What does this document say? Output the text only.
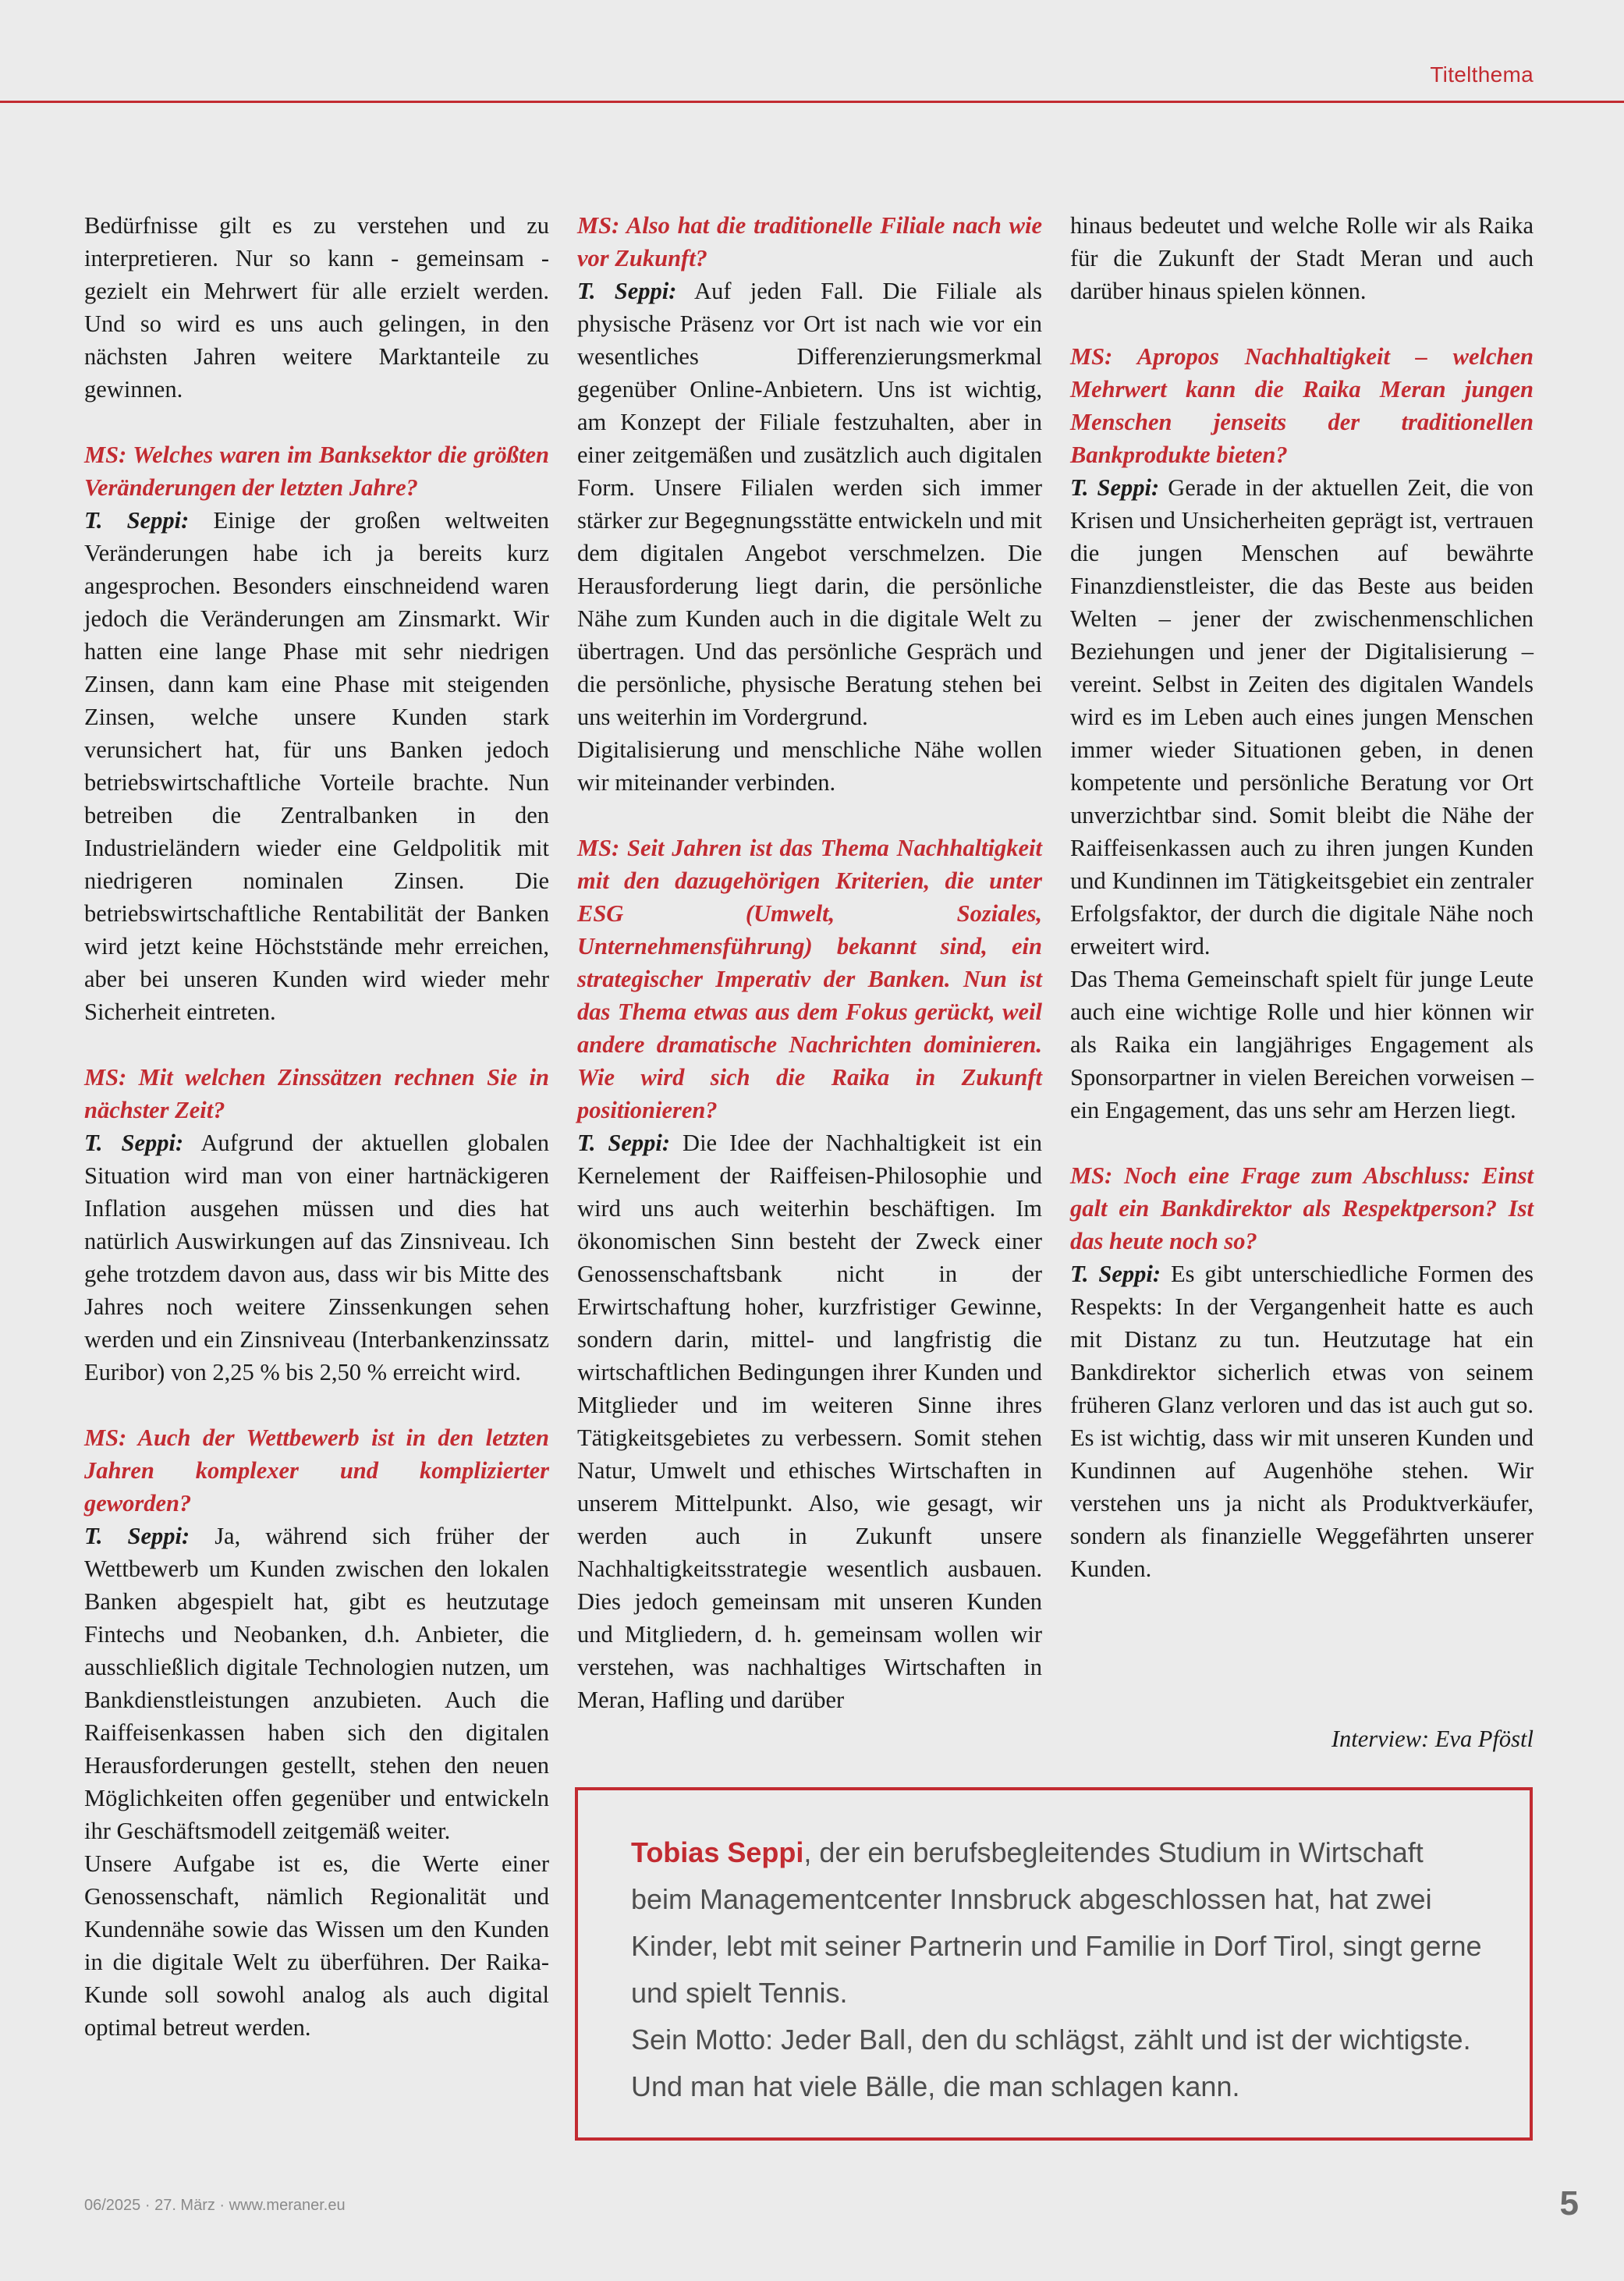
Titelthema

Bedürfnisse gilt es zu verstehen und zu interpretieren. Nur so kann - gemeinsam - gezielt ein Mehrwert für alle erzielt werden. Und so wird es uns auch gelingen, in den nächsten Jahren weitere Marktanteile zu gewinnen.

MS: Welches waren im Banksektor die größten Veränderungen der letzten Jahre?

T. Seppi: Einige der großen weltweiten Veränderungen habe ich ja bereits kurz angesprochen. Besonders einschneidend waren jedoch die Veränderungen am Zinsmarkt. Wir hatten eine lange Phase mit sehr niedrigen Zinsen, dann kam eine Phase mit steigenden Zinsen, welche unsere Kunden stark verunsichert hat, für uns Banken jedoch betriebswirtschaftliche Vorteile brachte. Nun betreiben die Zentralbanken in den Industrieländern wieder eine Geldpolitik mit niedrigeren nominalen Zinsen. Die betriebswirtschaftliche Rentabilität der Banken wird jetzt keine Höchststände mehr erreichen, aber bei unseren Kunden wird wieder mehr Sicherheit eintreten.

MS: Mit welchen Zinssätzen rechnen Sie in nächster Zeit?

T. Seppi: Aufgrund der aktuellen globalen Situation wird man von einer hartnäckigeren Inflation ausgehen müssen und dies hat natürlich Auswirkungen auf das Zinsniveau. Ich gehe trotzdem davon aus, dass wir bis Mitte des Jahres noch weitere Zinssenkungen sehen werden und ein Zinsniveau (Interbankenzinssatz Euribor) von 2,25 % bis 2,50 % erreicht wird.

MS: Auch der Wettbewerb ist in den letzten Jahren komplexer und komplizierter geworden?

T. Seppi: Ja, während sich früher der Wettbewerb um Kunden zwischen den lokalen Banken abgespielt hat, gibt es heutzutage Fintechs und Neobanken, d.h. Anbieter, die ausschließlich digitale Technologien nutzen, um Bankdienstleistungen anzubieten. Auch die Raiffeisenkassen haben sich den digitalen Herausforderungen gestellt, stehen den neuen Möglichkeiten offen gegenüber und entwickeln ihr Geschäftsmodell zeitgemäß weiter.

Unsere Aufgabe ist es, die Werte einer Genossenschaft, nämlich Regionalität und Kundennähe sowie das Wissen um den Kunden in die digitale Welt zu überführen. Der Raika-Kunde soll sowohl analog als auch digital optimal betreut werden.

MS: Also hat die traditionelle Filiale nach wie vor Zukunft?

T. Seppi: Auf jeden Fall. Die Filiale als physische Präsenz vor Ort ist nach wie vor ein wesentliches Differenzierungsmerkmal gegenüber Online-Anbietern. Uns ist wichtig, am Konzept der Filiale festzuhalten, aber in einer zeitgemäßen und zusätzlich auch digitalen Form. Unsere Filialen werden sich immer stärker zur Begegnungsstätte entwickeln und mit dem digitalen Angebot verschmelzen. Die Herausforderung liegt darin, die persönliche Nähe zum Kunden auch in die digitale Welt zu übertragen. Und das persönliche Gespräch und die persönliche, physische Beratung stehen bei uns weiterhin im Vordergrund.

Digitalisierung und menschliche Nähe wollen wir miteinander verbinden.

MS: Seit Jahren ist das Thema Nachhaltigkeit mit den dazugehörigen Kriterien, die unter ESG (Umwelt, Soziales, Unternehmensführung) bekannt sind, ein strategischer Imperativ der Banken. Nun ist das Thema etwas aus dem Fokus gerückt, weil andere dramatische Nachrichten dominieren. Wie wird sich die Raika in Zukunft positionieren?

T. Seppi: Die Idee der Nachhaltigkeit ist ein Kernelement der Raiffeisen-Philosophie und wird uns auch weiterhin beschäftigen. Im ökonomischen Sinn besteht der Zweck einer Genossenschaftsbank nicht in der Erwirtschaftung hoher, kurzfristiger Gewinne, sondern darin, mittel- und langfristig die wirtschaftlichen Bedingungen ihrer Kunden und Mitglieder und im weiteren Sinne ihres Tätigkeitsgebietes zu verbessern. Somit stehen Natur, Umwelt und ethisches Wirtschaften in unserem Mittelpunkt. Also, wie gesagt, wir werden auch in Zukunft unsere Nachhaltigkeitsstrategie wesentlich ausbauen. Dies jedoch gemeinsam mit unseren Kunden und Mitgliedern, d. h. gemeinsam wollen wir verstehen, was nachhaltiges Wirtschaften in Meran, Hafling und darüber

hinaus bedeutet und welche Rolle wir als Raika für die Zukunft der Stadt Meran und auch darüber hinaus spielen können.

MS: Apropos Nachhaltigkeit – welchen Mehrwert kann die Raika Meran jungen Menschen jenseits der traditionellen Bankprodukte bieten?

T. Seppi: Gerade in der aktuellen Zeit, die von Krisen und Unsicherheiten geprägt ist, vertrauen die jungen Menschen auf bewährte Finanzdienstleister, die das Beste aus beiden Welten – jener der zwischenmenschlichen Beziehungen und jener der Digitalisierung – vereint. Selbst in Zeiten des digitalen Wandels wird es im Leben auch eines jungen Menschen immer wieder Situationen geben, in denen kompetente und persönliche Beratung vor Ort unverzichtbar sind. Somit bleibt die Nähe der Raiffeisenkassen auch zu ihren jungen Kunden und Kundinnen im Tätigkeitsgebiet ein zentraler Erfolgsfaktor, der durch die digitale Nähe noch erweitert wird.

Das Thema Gemeinschaft spielt für junge Leute auch eine wichtige Rolle und hier können wir als Raika ein langjähriges Engagement als Sponsorpartner in vielen Bereichen vorweisen – ein Engagement, das uns sehr am Herzen liegt.

MS: Noch eine Frage zum Abschluss: Einst galt ein Bankdirektor als Respektperson? Ist das heute noch so?

T. Seppi: Es gibt unterschiedliche Formen des Respekts: In der Vergangenheit hatte es auch mit Distanz zu tun. Heutzutage hat ein Bankdirektor sicherlich etwas von seinem früheren Glanz verloren und das ist auch gut so. Es ist wichtig, dass wir mit unseren Kunden und Kundinnen auf Augenhöhe stehen. Wir verstehen uns ja nicht als Produktverkäufer, sondern als finanzielle Weggefährten unserer Kunden.

Interview: Eva Pföstl

Tobias Seppi, der ein berufsbegleitendes Studium in Wirtschaft beim Managementcenter Innsbruck abgeschlossen hat, hat zwei Kinder, lebt mit seiner Partnerin und Familie in Dorf Tirol, singt gerne und spielt Tennis.

Sein Motto: Jeder Ball, den du schlägst, zählt und ist der wichtigste. Und man hat viele Bälle, die man schlagen kann.

06/2025 · 27. März · www.meraner.eu	5
